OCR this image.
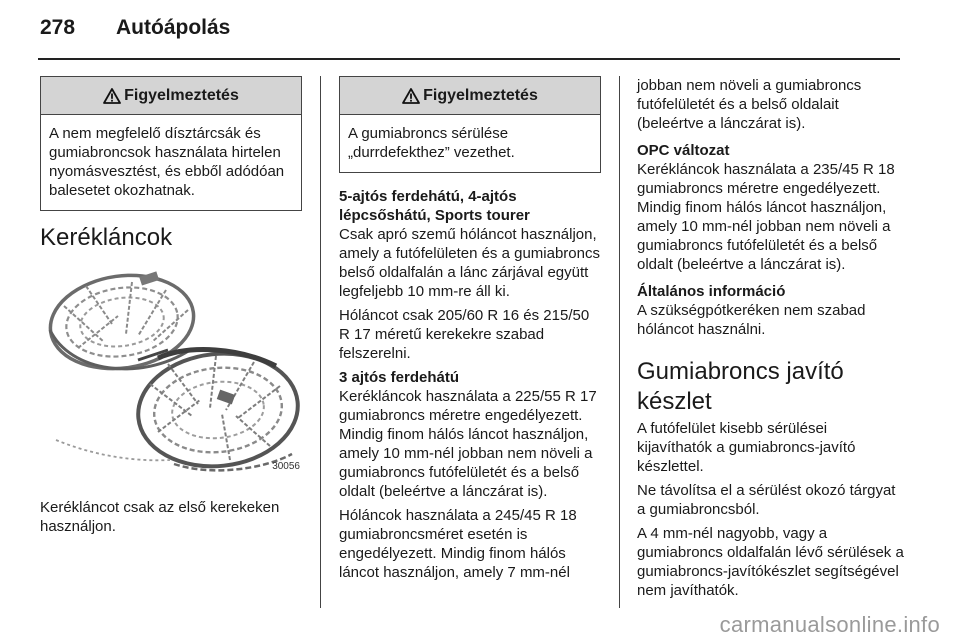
278	Autóápolás
Figyelmeztetés
A nem megfelelő dísztárcsák és gumiabroncsok használata hirtelen nyomásvesztést, és ebből adódóan balesetet okozhatnak.
Kerékláncok
30056

Kerékláncot csak az első kerekeken használjon.

Figyelmeztetés
A gumiabroncs sérülése „durrdefekthez” vezethet.

5-ajtós ferdehátú, 4-ajtós lépcsőshátú, Sports tourer

Csak apró szemű hóláncot használjon, amely a futófelületen és a gumiabroncs belső oldalfalán a lánc zárjával együtt legfeljebb 10 mm-re áll ki.

Hóláncot csak 205/60 R 16 és 215/50 R 17 méretű kerekekre szabad felszerelni.

3 ajtós ferdehátú

Kerékláncok használata a 225/55 R 17 gumiabroncs méretre engedélyezett. Mindig finom hálós láncot használjon, amely 10 mm-nél jobban nem növeli a gumiabroncs futófelületét és a belső oldalt (beleértve a lánczárat is).

Hóláncok használata a 245/45 R 18 gumiabroncsméret esetén is engedélyezett. Mindig finom hálós láncot használjon, amely 7 mm-nél

jobban nem növeli a gumiabroncs futófelületét és a belső oldalait (beleértve a lánczárat is).

OPC változat

Kerékláncok használata a 235/45 R 18 gumiabroncs méretre engedélyezett. Mindig finom hálós láncot használjon, amely 10 mm-nél jobban nem növeli a gumiabroncs futófelületét és a belső oldalt (beleértve a lánczárat is).

Általános információ

A szükségpótkeréken nem szabad hóláncot használni.

Gumiabroncs javító készlet

A futófelület kisebb sérülései kijavíthatók a gumiabroncs-javító készlettel.

Ne távolítsa el a sérülést okozó tárgyat a gumiabroncsból.

A 4 mm-nél nagyobb, vagy a gumiabroncs oldalfalán lévő sérülések a gumiabroncs-javítókészlet segítségével nem javíthatók.

carmanualsonline.info
